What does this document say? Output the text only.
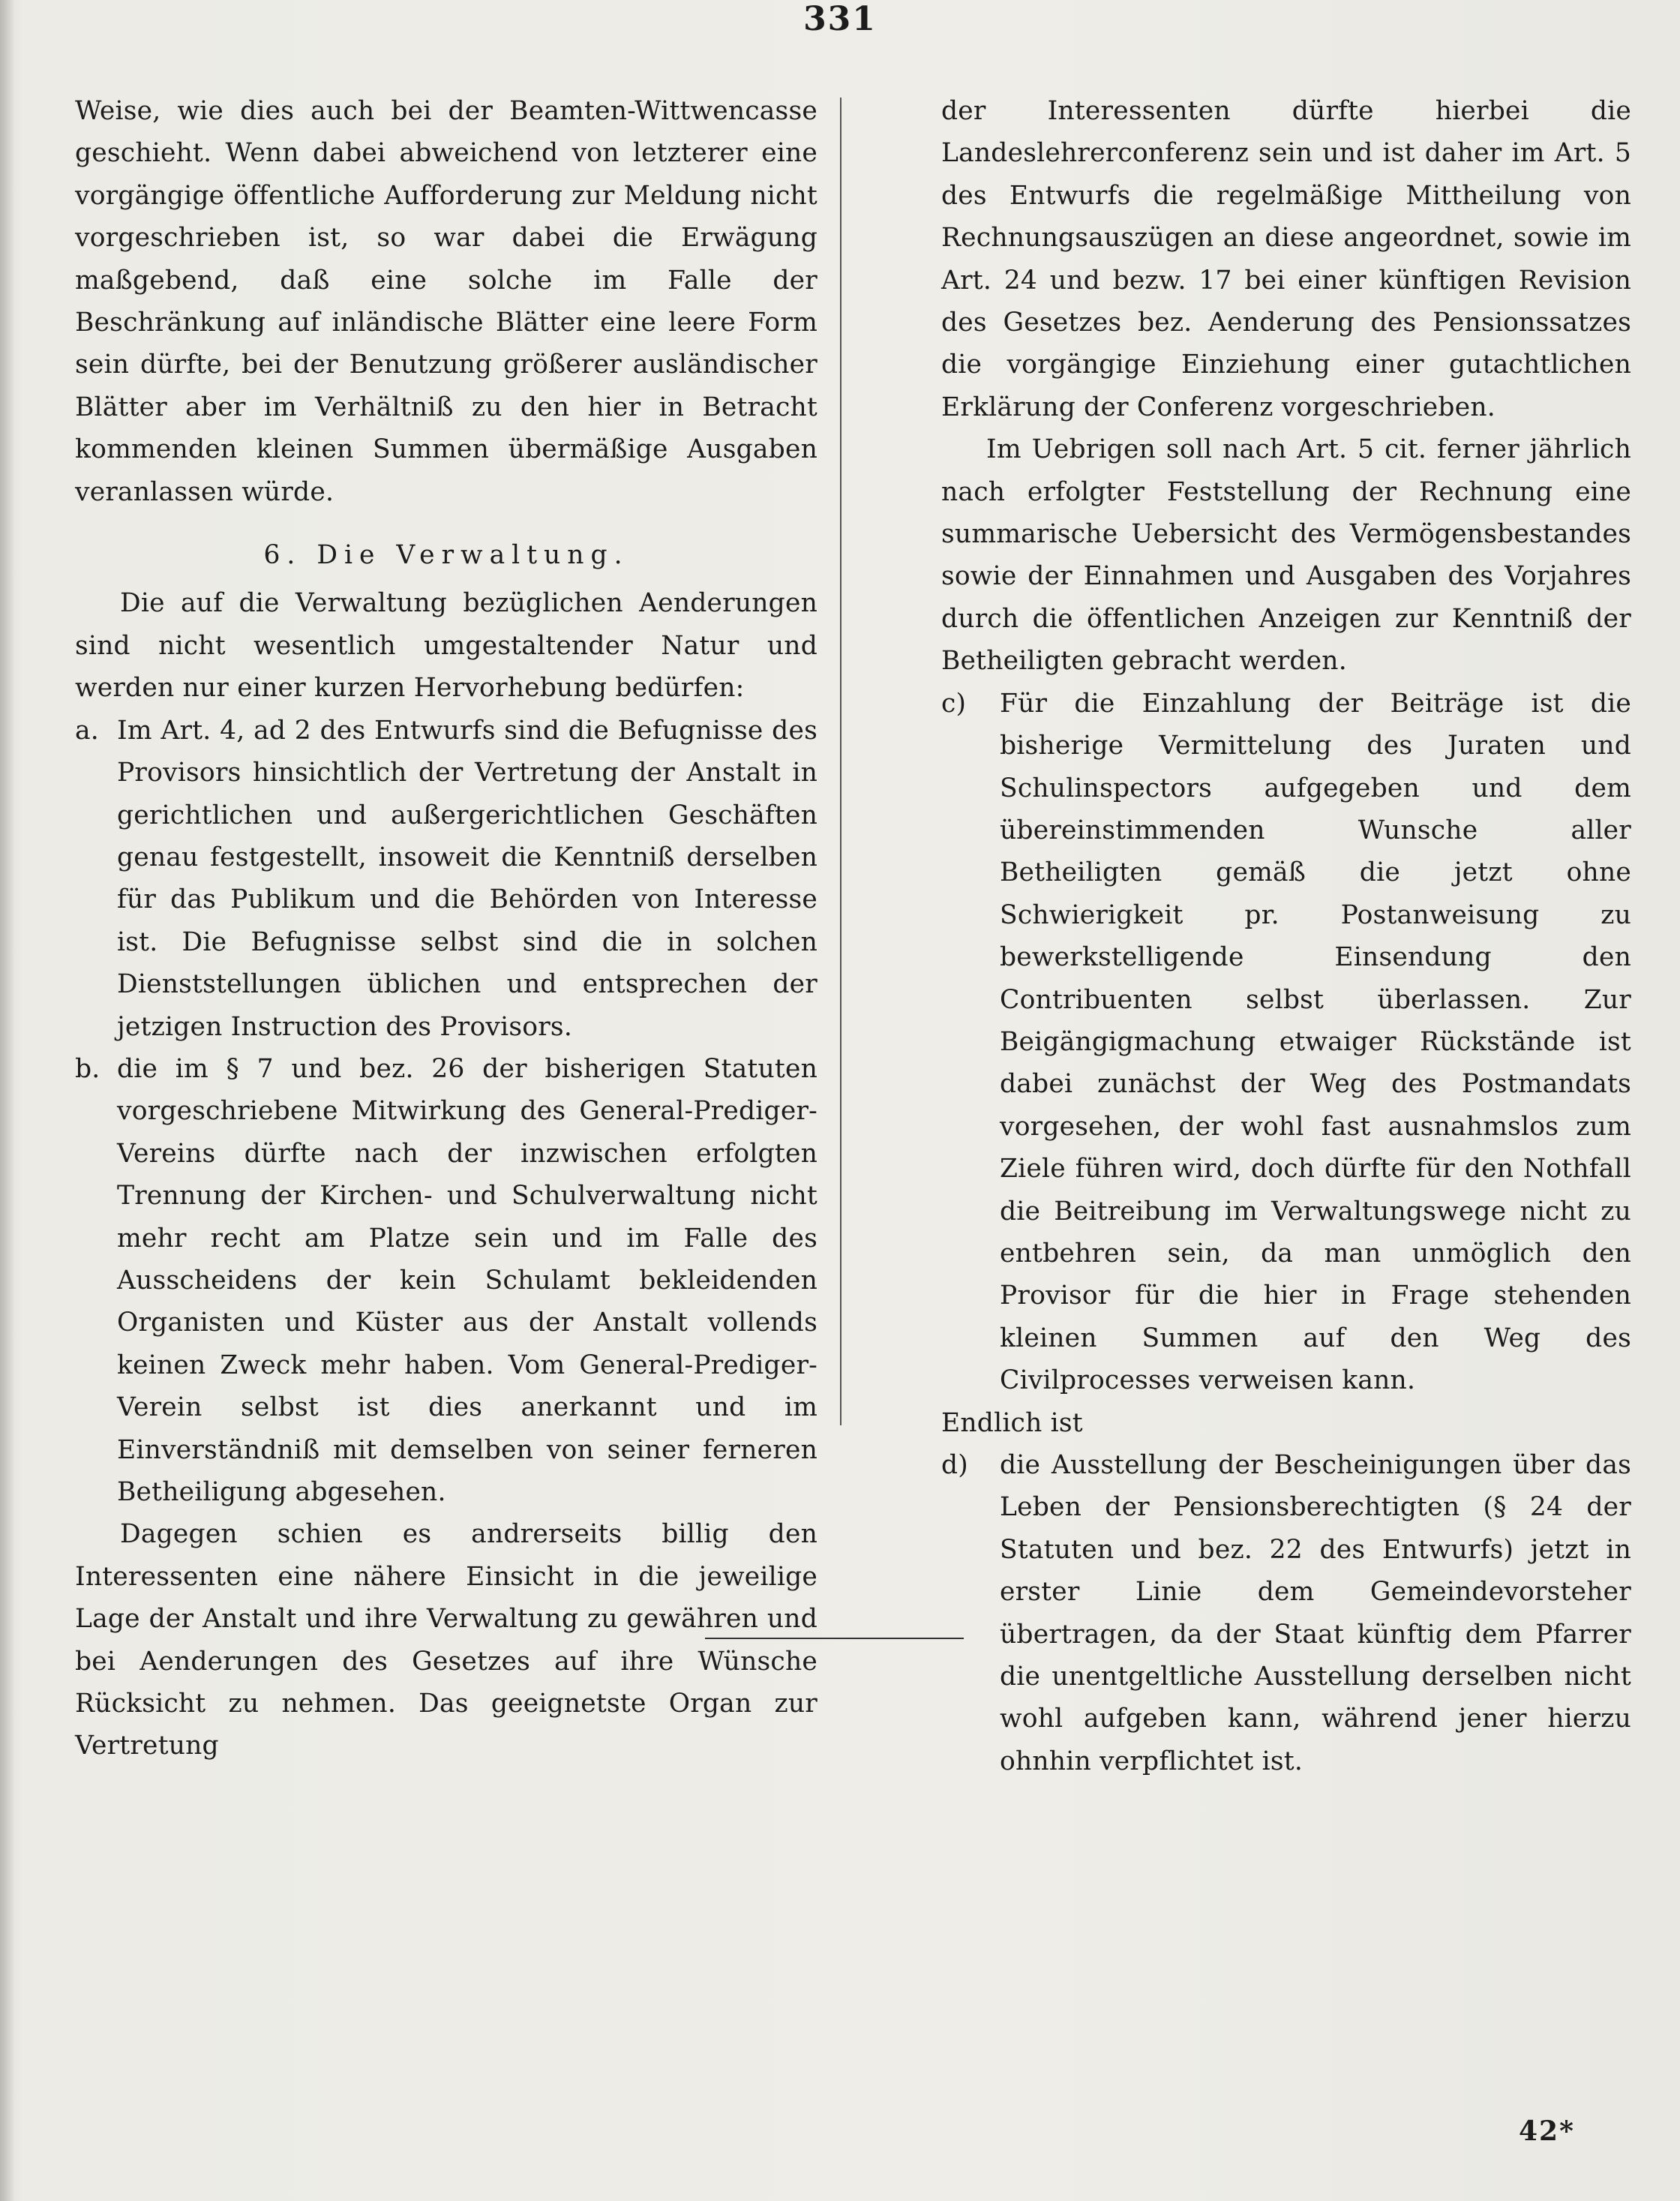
331

Weise, wie dies auch bei der Beamten-Wittwencasse geschieht. Wenn dabei abweichend von letzterer eine vorgängige öffentliche Aufforderung zur Meldung nicht vorgeschrieben ist, so war dabei die Erwägung maßgebend, daß eine solche im Falle der Beschränkung auf inländische Blätter eine leere Form sein dürfte, bei der Benutzung größerer ausländischer Blätter aber im Verhältniß zu den hier in Betracht kommenden kleinen Summen übermäßige Ausgaben veranlassen würde.

6. Die Verwaltung.

Die auf die Verwaltung bezüglichen Aenderungen sind nicht wesentlich umgestaltender Natur und werden nur einer kurzen Hervorhebung bedürfen:

a. Im Art. 4, ad 2 des Entwurfs sind die Befugnisse des Provisors hinsichtlich der Vertretung der Anstalt in gerichtlichen und außergerichtlichen Geschäften genau festgestellt, insoweit die Kenntniß derselben für das Publikum und die Behörden von Interesse ist. Die Befugnisse selbst sind die in solchen Dienststellungen üblichen und entsprechen der jetzigen Instruction des Provisors.
b. die im § 7 und bez. 26 der bisherigen Statuten vorgeschriebene Mitwirkung des General-Prediger-Vereins dürfte nach der inzwischen erfolgten Trennung der Kirchen- und Schulverwaltung nicht mehr recht am Platze sein und im Falle des Ausscheidens der kein Schulamt bekleidenden Organisten und Küster aus der Anstalt vollends keinen Zweck mehr haben. Vom General-Prediger-Verein selbst ist dies anerkannt und im Einverständniß mit demselben von seiner ferneren Betheiligung abgesehen.

Dagegen schien es andrerseits billig den Interessenten eine nähere Einsicht in die jeweilige Lage der Anstalt und ihre Verwaltung zu gewähren und bei Aenderungen des Gesetzes auf ihre Wünsche Rücksicht zu nehmen. Das geeignetste Organ zur Vertretung

der Interessenten dürfte hierbei die Landeslehrerconferenz sein und ist daher im Art. 5 des Entwurfs die regelmäßige Mittheilung von Rechnungsauszügen an diese angeordnet, sowie im Art. 24 und bezw. 17 bei einer künftigen Revision des Gesetzes bez. Aenderung des Pensionssatzes die vorgängige Einziehung einer gutachtlichen Erklärung der Conferenz vorgeschrieben.

Im Uebrigen soll nach Art. 5 cit. ferner jährlich nach erfolgter Feststellung der Rechnung eine summarische Uebersicht des Vermögensbestandes sowie der Einnahmen und Ausgaben des Vorjahres durch die öffentlichen Anzeigen zur Kenntniß der Betheiligten gebracht werden.

c)	Für die Einzahlung der Beiträge ist die bisherige Vermittelung des Juraten und Schulinspectors aufgegeben und dem übereinstimmenden Wunsche aller Betheiligten gemäß die jetzt ohne Schwierigkeit pr. Postanweisung zu bewerkstelligende Einsendung den Contribuenten selbst überlassen. Zur Beigängigmachung etwaiger Rückstände ist dabei zunächst der Weg des Postmandats vorgesehen, der wohl fast ausnahmslos zum Ziele führen wird, doch dürfte für den Nothfall die Beitreibung im Verwaltungswege nicht zu entbehren sein, da man unmöglich den Provisor für die hier in Frage stehenden kleinen Summen auf den Weg des Civilprocesses verweisen kann.

Endlich ist

d)	die Ausstellung der Bescheinigungen über das Leben der Pensionsberechtigten (§ 24 der Statuten und bez. 22 des Entwurfs) jetzt in erster Linie dem Gemeindevorsteher übertragen, da der Staat künftig dem Pfarrer die unentgeltliche Ausstellung derselben nicht wohl aufgeben kann, während jener hierzu ohnhin verpflichtet ist.
42*
